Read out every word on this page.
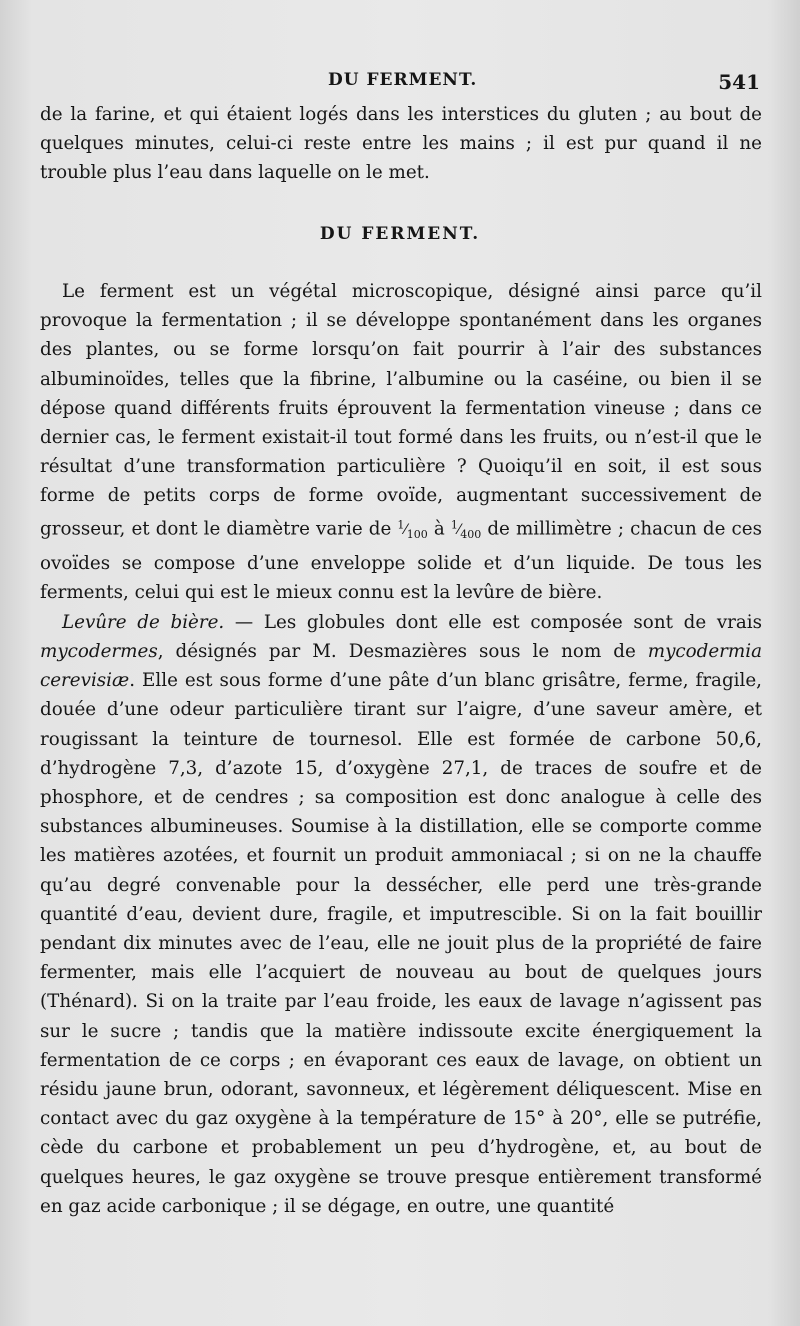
DU FERMENT.	541

de la farine, et qui étaient logés dans les interstices du gluten ; au bout de quelques minutes, celui-ci reste entre les mains ; il est pur quand il ne trouble plus l’eau dans laquelle on le met.

DU FERMENT.

Le ferment est un végétal microscopique, désigné ainsi parce qu’il provoque la fermentation ; il se développe spontanément dans les organes des plantes, ou se forme lorsqu’on fait pourrir à l’air des substances albuminoïdes, telles que la fibrine, l’albumine ou la caséine, ou bien il se dépose quand différents fruits éprouvent la fermentation vineuse ; dans ce dernier cas, le ferment existait-il tout formé dans les fruits, ou n’est-il que le résultat d’une transformation particulière ? Quoiqu’il en soit, il est sous forme de petits corps de forme ovoïde, augmentant successivement de grosseur, et dont le diamètre varie de $^1⁄_{100}$ à $^1⁄_{400}$ de millimètre ; chacun de ces ovoïdes se compose d’une enveloppe solide et d’un liquide. De tous les ferments, celui qui est le mieux connu est la levûre de bière.

Levûre de bière. — Les globules dont elle est composée sont de vrais mycodermes, désignés par M. Desmazières sous le nom de mycodermia cerevisiæ. Elle est sous forme d’une pâte d’un blanc grisâtre, ferme, fragile, douée d’une odeur particulière tirant sur l’aigre, d’une saveur amère, et rougissant la teinture de tournesol. Elle est formée de carbone 50,6, d’hydrogène 7,3, d’azote 15, d’oxygène 27,1, de traces de soufre et de phosphore, et de cendres ; sa composition est donc analogue à celle des substances albumineuses. Soumise à la distillation, elle se comporte comme les matières azotées, et fournit un produit ammoniacal ; si on ne la chauffe qu’au degré convenable pour la dessécher, elle perd une très-grande quantité d’eau, devient dure, fragile, et imputrescible. Si on la fait bouillir pendant dix minutes avec de l’eau, elle ne jouit plus de la propriété de faire fermenter, mais elle l’acquiert de nouveau au bout de quelques jours (Thénard). Si on la traite par l’eau froide, les eaux de lavage n’agissent pas sur le sucre ; tandis que la matière indissoute excite énergiquement la fermentation de ce corps ; en évaporant ces eaux de lavage, on obtient un résidu jaune brun, odorant, savonneux, et légèrement déliquescent. Mise en contact avec du gaz oxygène à la température de 15° à 20°, elle se putréfie, cède du carbone et probablement un peu d’hydrogène, et, au bout de quelques heures, le gaz oxygène se trouve presque entièrement transformé en gaz acide carbonique ; il se dégage, en outre, une quantité
